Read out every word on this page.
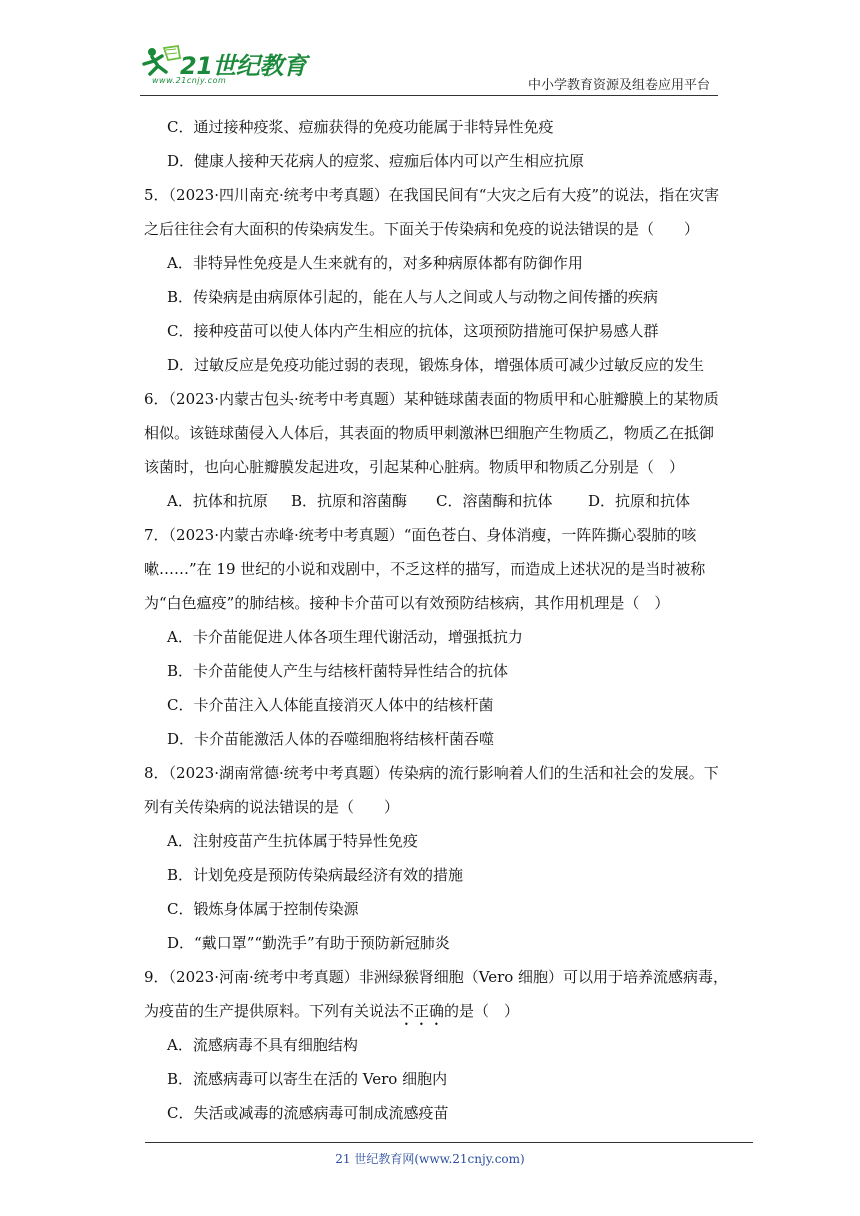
21世纪教育
www.21cnjy.com	中小学教育资源及组卷应用平台
C．通过接种疫浆、痘痂获得的免疫功能属于非特异性免疫
D．健康人接种天花病人的痘浆、痘痂后体内可以产生相应抗原
5．（2023·四川南充·统考中考真题）在我国民间有“大灾之后有大疫”的说法，指在灾害
之后往往会有大面积的传染病发生。下面关于传染病和免疫的说法错误的是（　　）
A．非特异性免疫是人生来就有的，对多种病原体都有防御作用
B．传染病是由病原体引起的，能在人与人之间或人与动物之间传播的疾病
C．接种疫苗可以使人体内产生相应的抗体，这项预防措施可保护易感人群
D．过敏反应是免疫功能过弱的表现，锻炼身体，增强体质可减少过敏反应的发生
6．（2023·内蒙古包头·统考中考真题）某种链球菌表面的物质甲和心脏瓣膜上的某物质
相似。该链球菌侵入人体后，其表面的物质甲刺激淋巴细胞产生物质乙，物质乙在抵御
该菌时，也向心脏瓣膜发起进攻，引起某种心脏病。物质甲和物质乙分别是（　）
A．抗体和抗原	B．抗原和溶菌酶	C．溶菌酶和抗体	D．抗原和抗体
7．（2023·内蒙古赤峰·统考中考真题）“面色苍白、身体消瘦，一阵阵撕心裂肺的咳
嗽……”在 19 世纪的小说和戏剧中，不乏这样的描写，而造成上述状况的是当时被称
为“白色瘟疫”的肺结核。接种卡介苗可以有效预防结核病，其作用机理是（　）
A．卡介苗能促进人体各项生理代谢活动，增强抵抗力
B．卡介苗能使人产生与结核杆菌特异性结合的抗体
C．卡介苗注入人体能直接消灭人体中的结核杆菌
D．卡介苗能激活人体的吞噬细胞将结核杆菌吞噬
8．（2023·湖南常德·统考中考真题）传染病的流行影响着人们的生活和社会的发展。下
列有关传染病的说法错误的是（　　）
A．注射疫苗产生抗体属于特异性免疫
B．计划免疫是预防传染病最经济有效的措施
C．锻炼身体属于控制传染源
D．“戴口罩”“勤洗手”有助于预防新冠肺炎
9．（2023·河南·统考中考真题）非洲绿猴肾细胞（Vero 细胞）可以用于培养流感病毒，
为疫苗的生产提供原料。下列有关说法不正确的是（　）
A．流感病毒不具有细胞结构
B．流感病毒可以寄生在活的 Vero 细胞内
C．失活或减毒的流感病毒可制成流感疫苗
21 世纪教育网(www.21cnjy.com)
